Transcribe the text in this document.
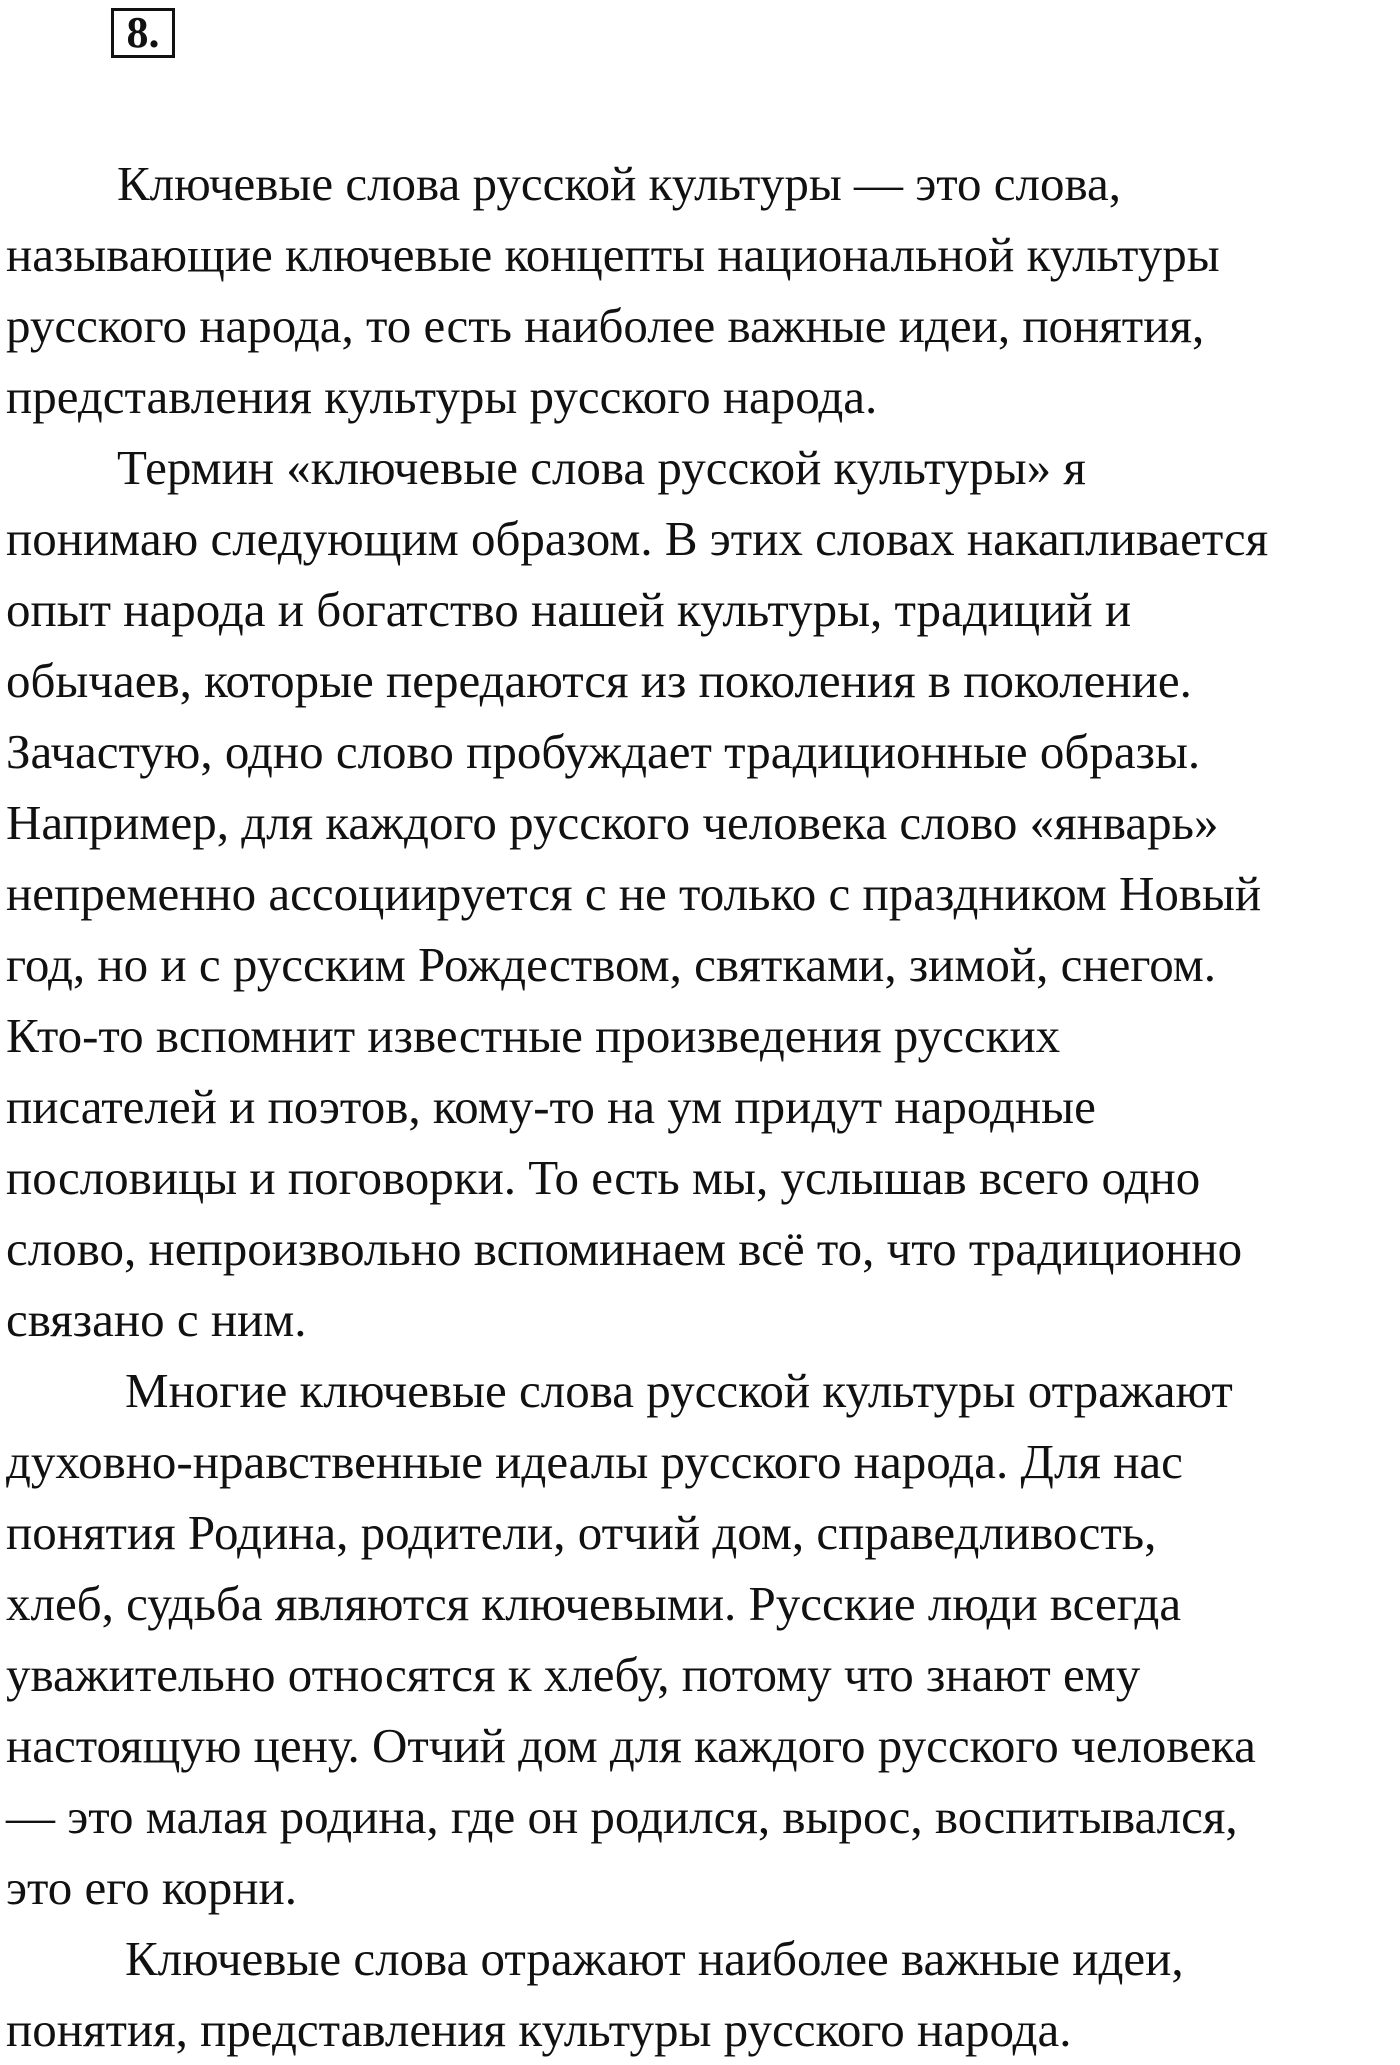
8.
Ключевые слова русской культуры — это слова,
называющие ключевые концепты национальной культуры
русского народа, то есть наиболее важные идеи, понятия,
представления культуры русского народа.
Термин «ключевые слова русской культуры» я
понимаю следующим образом. В этих словах накапливается
опыт народа и богатство нашей культуры, традиций и
обычаев, которые передаются из поколения в поколение.
Зачастую, одно слово пробуждает традиционные образы.
Например, для каждого русского человека слово «январь»
непременно ассоциируется с не только с праздником Новый
год, но и с русским Рождеством, святками, зимой, снегом.
Кто-то вспомнит известные произведения русских
писателей и поэтов, кому-то на ум придут народные
пословицы и поговорки. То есть мы, услышав всего одно
слово, непроизвольно вспоминаем всё то, что традиционно
связано с ним.
Многие ключевые слова русской культуры отражают
духовно-нравственные идеалы русского народа. Для нас
понятия Родина, родители, отчий дом, справедливость,
хлеб, судьба являются ключевыми. Русские люди всегда
уважительно относятся к хлебу, потому что знают ему
настоящую цену. Отчий дом для каждого русского человека
— это малая родина, где он родился, вырос, воспитывался,
это его корни.
Ключевые слова отражают наиболее важные идеи,
понятия, представления культуры русского народа.
